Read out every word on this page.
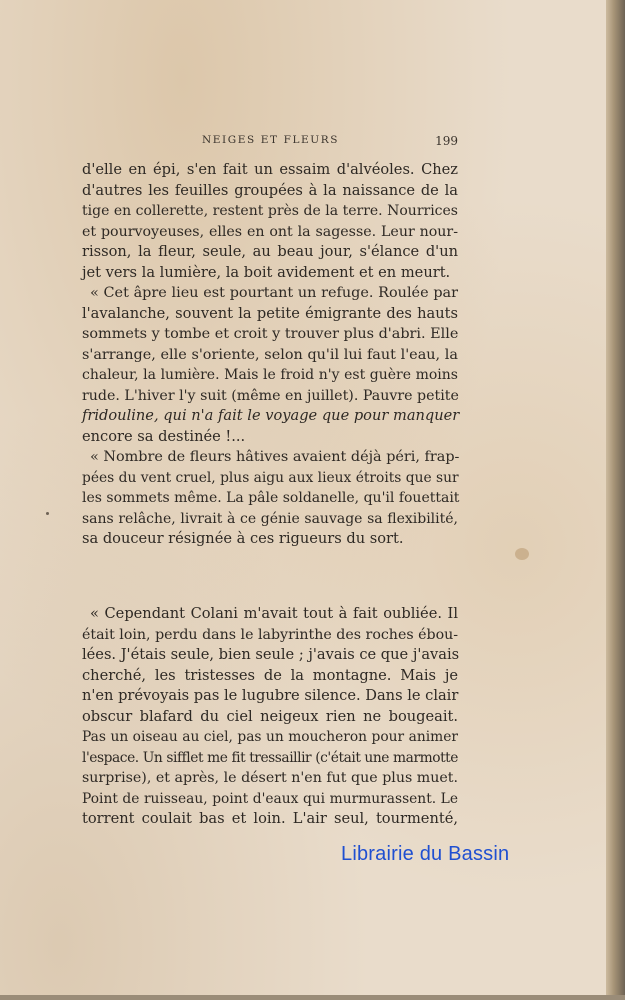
NEIGES ET FLEURS	199
d'elle en épi, s'en fait un essaim d'alvéoles. Chez
d'autres les feuilles groupées à la naissance de la
tige en collerette, restent près de la terre. Nourrices
et pourvoyeuses, elles en ont la sagesse. Leur nour-
risson, la fleur, seule, au beau jour, s'élance d'un
jet vers la lumière, la boit avidement et en meurt.
« Cet âpre lieu est pourtant un refuge. Roulée par
l'avalanche, souvent la petite émigrante des hauts
sommets y tombe et croit y trouver plus d'abri. Elle
s'arrange, elle s'oriente, selon qu'il lui faut l'eau, la
chaleur, la lumière. Mais le froid n'y est guère moins
rude. L'hiver l'y suit (même en juillet). Pauvre petite
fridouline, qui n'a fait le voyage que pour manquer
encore sa destinée !...
« Nombre de fleurs hâtives avaient déjà péri, frap-
pées du vent cruel, plus aigu aux lieux étroits que sur
les sommets même. La pâle soldanelle, qu'il fouettait
sans relâche, livrait à ce génie sauvage sa flexibilité,
sa douceur résignée à ces rigueurs du sort.
« Cependant Colani m'avait tout à fait oubliée. Il
était loin, perdu dans le labyrinthe des roches ébou-
lées. J'étais seule, bien seule ; j'avais ce que j'avais
cherché, les tristesses de la montagne. Mais je
n'en prévoyais pas le lugubre silence. Dans le clair
obscur blafard du ciel neigeux rien ne bougeait.
Pas un oiseau au ciel, pas un moucheron pour animer
l'espace. Un sifflet me fit tressaillir (c'était une marmotte
surprise), et après, le désert n'en fut que plus muet.
Point de ruisseau, point d'eaux qui murmurassent. Le
torrent coulait bas et loin. L'air seul, tourmenté,
Librairie du Bassin
